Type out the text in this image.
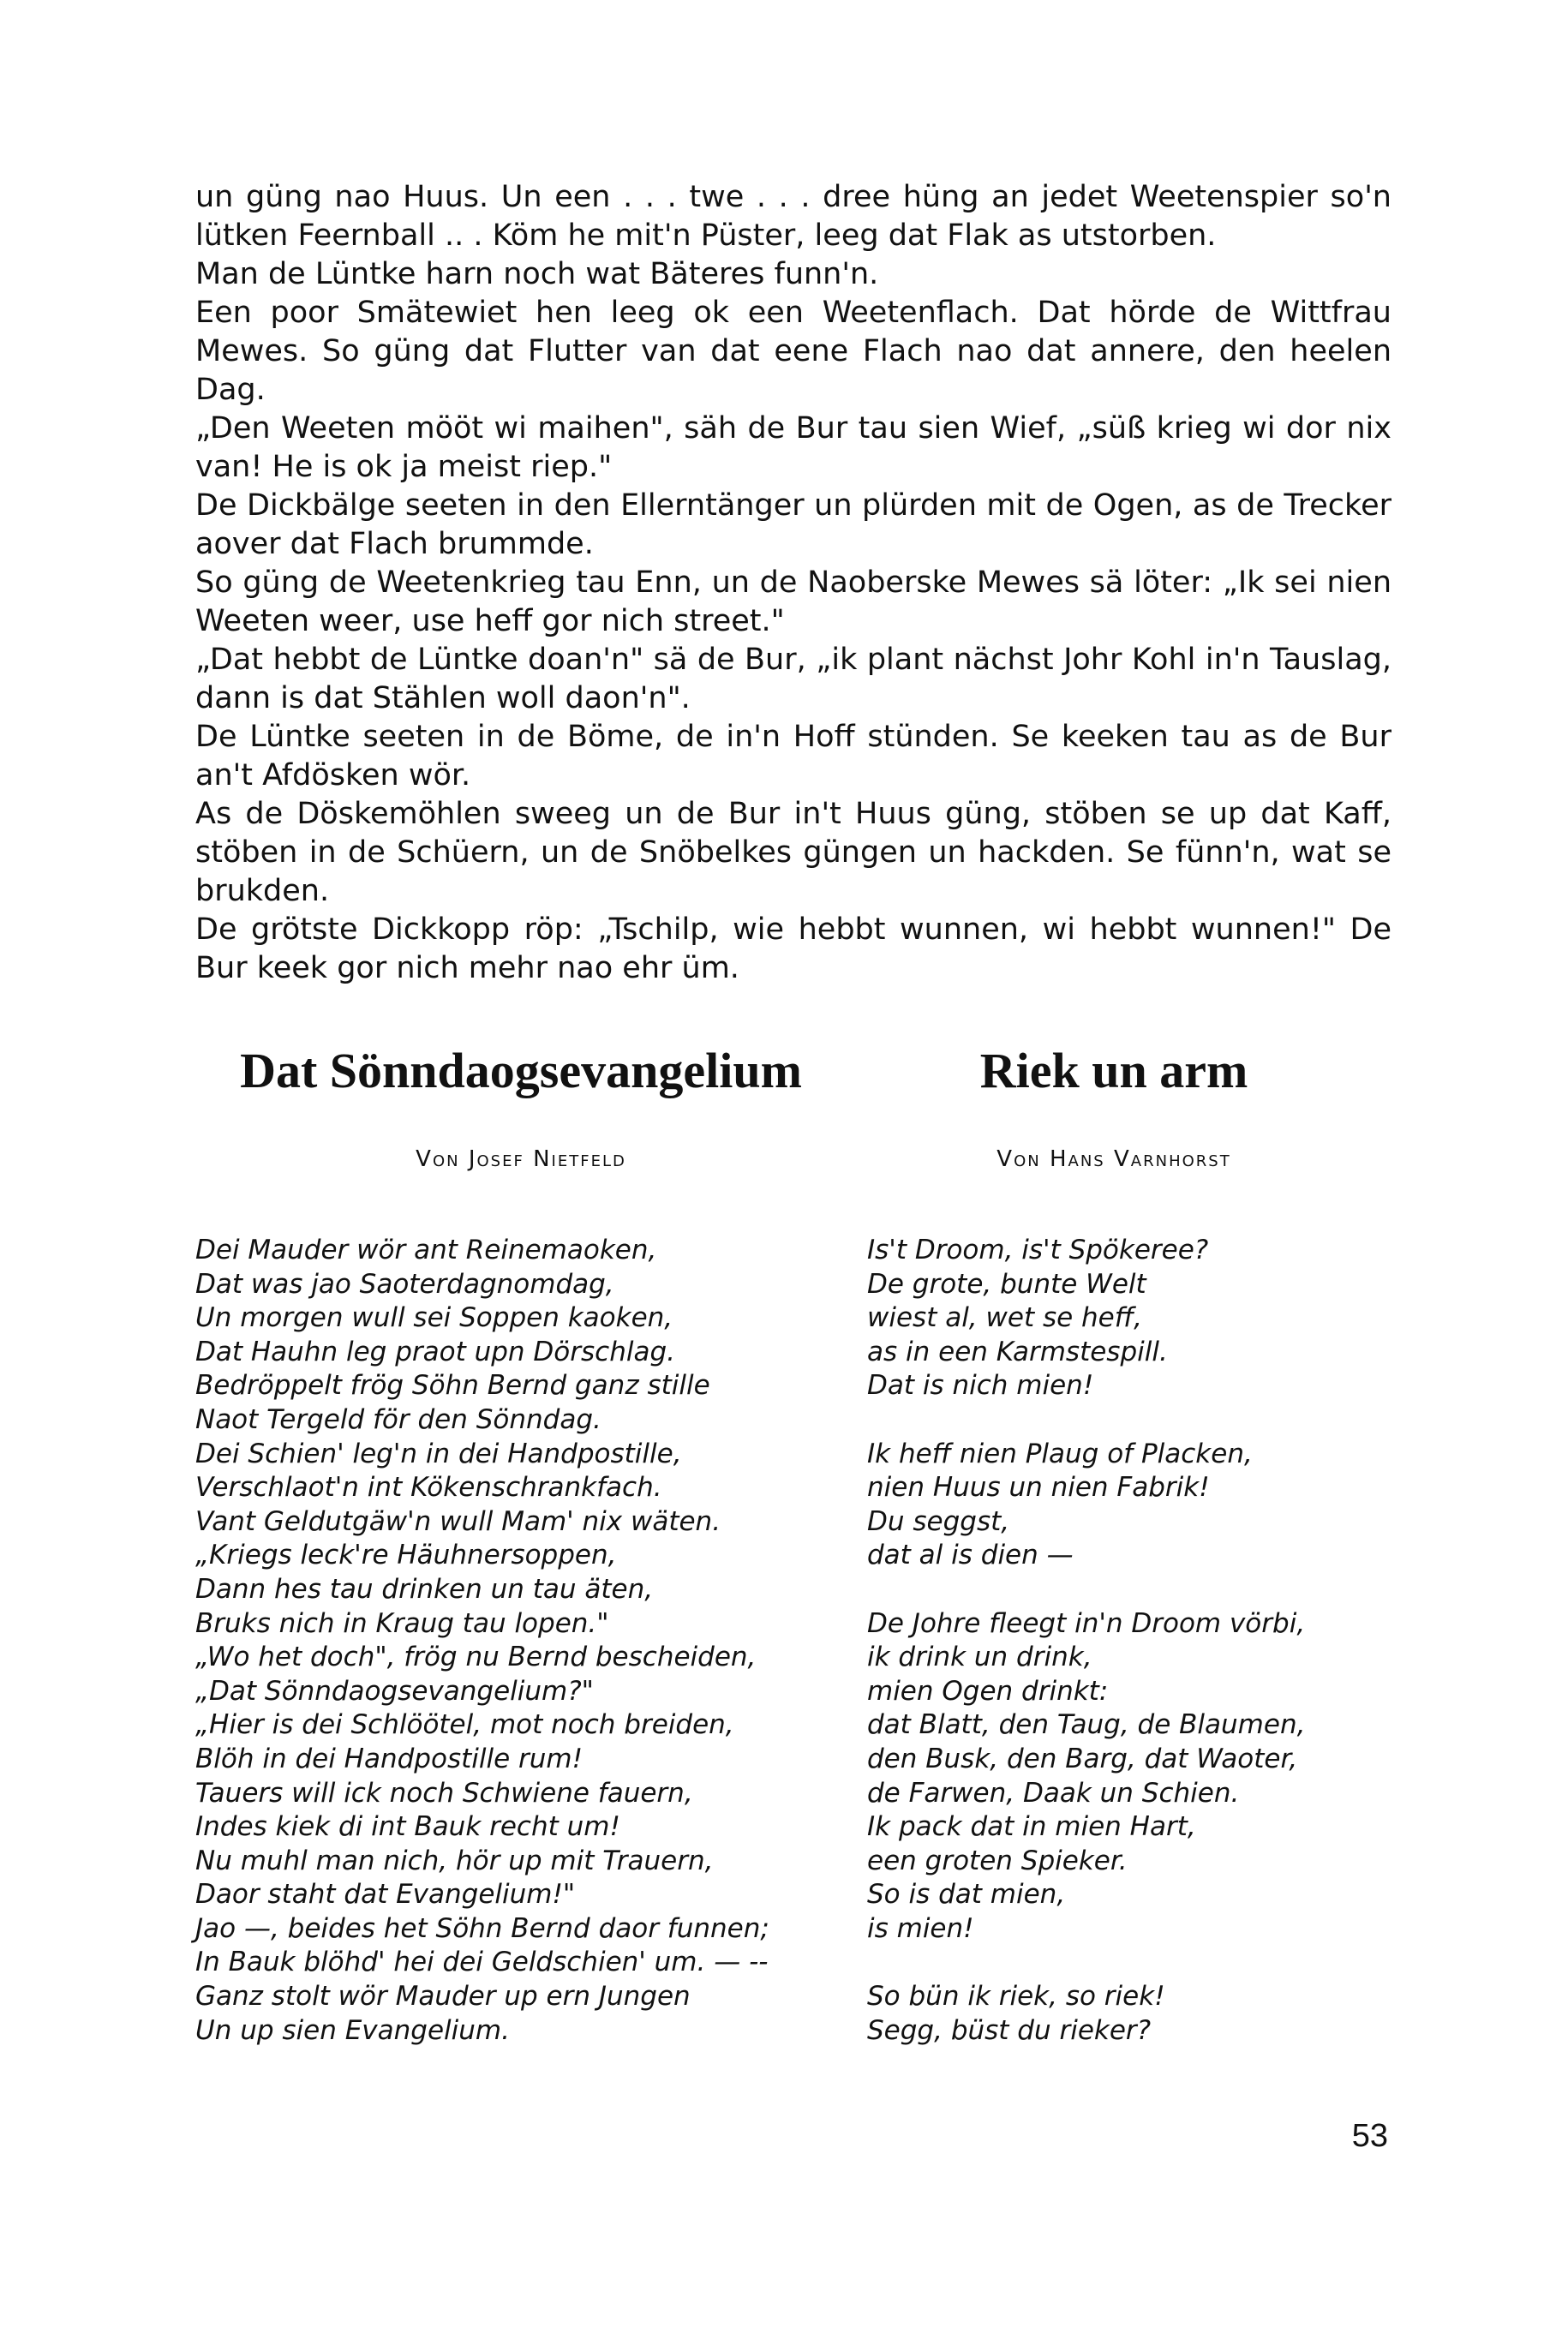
un güng nao Huus. Un een . . . twe . . . dree hüng an jedet Weetenspier so'n lütken Feernball .. . Köm he mit'n Püster, leeg dat Flak as utstorben.

Man de Lüntke harn noch wat Bäteres funn'n.

Een poor Smätewiet hen leeg ok een Weetenflach. Dat hörde de Wittfrau Mewes. So güng dat Flutter van dat eene Flach nao dat annere, den heelen Dag.

„Den Weeten mööt wi maihen", säh de Bur tau sien Wief, „süß krieg wi dor nix van! He is ok ja meist riep."

De Dickbälge seeten in den Ellerntänger un plürden mit de Ogen, as de Trecker aover dat Flach brummde.

So güng de Weetenkrieg tau Enn, un de Naoberske Mewes sä löter: „Ik sei nien Weeten weer, use heff gor nich street."

„Dat hebbt de Lüntke doan'n" sä de Bur, „ik plant nächst Johr Kohl in'n Tauslag, dann is dat Stählen woll daon'n".

De Lüntke seeten in de Böme, de in'n Hoff stünden. Se keeken tau as de Bur an't Afdösken wör.

As de Döskemöhlen sweeg un de Bur in't Huus güng, stöben se up dat Kaff, stöben in de Schüern, un de Snöbelkes güngen un hackden. Se fünn'n, wat se brukden.

De grötste Dickkopp röp: „Tschilp, wie hebbt wunnen, wi hebbt wunnen!" De Bur keek gor nich mehr nao ehr üm.

Dat Sönndaogsevangelium
Von Josef Nietfeld
Dei Mauder wör ant Reinemaoken,
Dat was jao Saoterdagnomdag,
Un morgen wull sei Soppen kaoken,
Dat Hauhn leg praot upn Dörschlag.
Bedröppelt frög Söhn Bernd ganz stille
Naot Tergeld för den Sönndag.
Dei Schien' leg'n in dei Handpostille,
Verschlaot'n int Kökenschrankfach.
Vant Geldutgäw'n wull Mam' nix wäten.
„Kriegs leck're Häuhnersoppen,
Dann hes tau drinken un tau äten,
Bruks nich in Kraug tau lopen."
„Wo het doch", frög nu Bernd bescheiden,
„Dat Sönndaogsevangelium?"
„Hier is dei Schlöötel, mot noch breiden,
Blöh in dei Handpostille rum!
Tauers will ick noch Schwiene fauern,
Indes kiek di int Bauk recht um!
Nu muhl man nich, hör up mit Trauern,
Daor staht dat Evangelium!"
Jao —, beides het Söhn Bernd daor funnen;
In Bauk blöhd' hei dei Geldschien' um. — --
Ganz stolt wör Mauder up ern Jungen
Un up sien Evangelium.
Riek un arm
Von Hans Varnhorst
Is't Droom, is't Spökeree?
De grote, bunte Welt
wiest al, wet se heff,
as in een Karmstespill.
Dat is nich mien!
Ik heff nien Plaug of Placken,
nien Huus un nien Fabrik!
Du seggst,
dat al is dien —
De Johre fleegt in'n Droom vörbi,
ik drink un drink,
mien Ogen drinkt:
dat Blatt, den Taug, de Blaumen,
den Busk, den Barg, dat Waoter,
de Farwen, Daak un Schien.
Ik pack dat in mien Hart,
een groten Spieker.
So is dat mien,
is mien!
So bün ik riek, so riek!
Segg, büst du rieker?
53
